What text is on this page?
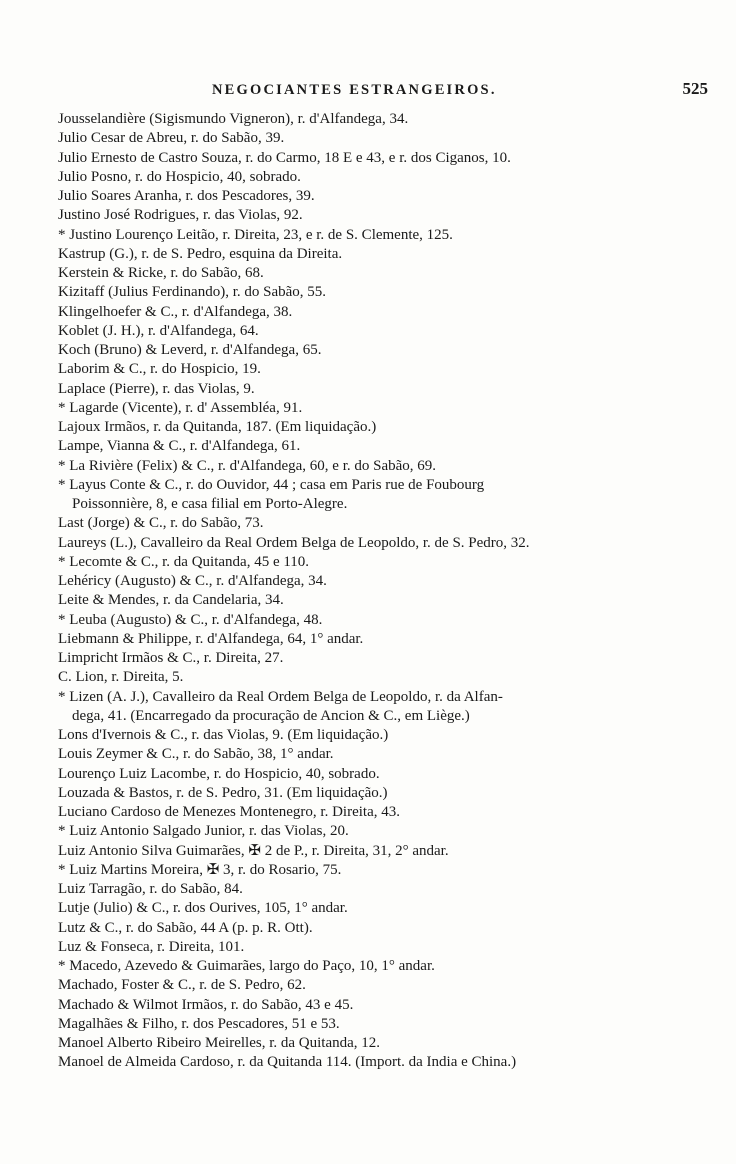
NEGOCIANTES ESTRANGEIROS.	525
Jousselandière (Sigismundo Vigneron), r. d'Alfandega, 34.
Julio Cesar de Abreu, r. do Sabão, 39.
Julio Ernesto de Castro Souza, r. do Carmo, 18 E e 43, e r. dos Ciganos, 10.
Julio Posno, r. do Hospicio, 40, sobrado.
Julio Soares Aranha, r. dos Pescadores, 39.
Justino José Rodrigues, r. das Violas, 92.
* Justino Lourenço Leitão, r. Direita, 23, e r. de S. Clemente, 125.
Kastrup (G.), r. de S. Pedro, esquina da Direita.
Kerstein & Ricke, r. do Sabão, 68.
Kizitaff (Julius Ferdinando), r. do Sabão, 55.
Klingelhoefer & C., r. d'Alfandega, 38.
Koblet (J. H.), r. d'Alfandega, 64.
Koch (Bruno) & Leverd, r. d'Alfandega, 65.
Laborim & C., r. do Hospicio, 19.
Laplace (Pierre), r. das Violas, 9.
* Lagarde (Vicente), r. d' Assembléa, 91.
Lajoux Irmãos, r. da Quitanda, 187. (Em liquidação.)
Lampe, Vianna & C., r. d'Alfandega, 61.
* La Rivière (Felix) & C., r. d'Alfandega, 60, e r. do Sabão, 69.
* Layus Conte & C., r. do Ouvidor, 44 ; casa em Paris rue de Foubourg
Poissonnière, 8, e casa filial em Porto-Alegre.
Last (Jorge) & C., r. do Sabão, 73.
Laureys (L.), Cavalleiro da Real Ordem Belga de Leopoldo, r. de S. Pedro, 32.
* Lecomte & C., r. da Quitanda, 45 e 110.
Lehéricy (Augusto) & C., r. d'Alfandega, 34.
Leite & Mendes, r. da Candelaria, 34.
* Leuba (Augusto) & C., r. d'Alfandega, 48.
Liebmann & Philippe, r. d'Alfandega, 64, 1° andar.
Limpricht Irmãos & C., r. Direita, 27.
C. Lion, r. Direita, 5.
* Lizen (A. J.), Cavalleiro da Real Ordem Belga de Leopoldo, r. da Alfan-
dega, 41. (Encarregado da procuração de Ancion & C., em Liège.)
Lons d'Ivernois & C., r. das Violas, 9. (Em liquidação.)
Louis Zeymer & C., r. do Sabão, 38, 1° andar.
Lourenço Luiz Lacombe, r. do Hospicio, 40, sobrado.
Louzada & Bastos, r. de S. Pedro, 31. (Em liquidação.)
Luciano Cardoso de Menezes Montenegro, r. Direita, 43.
* Luiz Antonio Salgado Junior, r. das Violas, 20.
Luiz Antonio Silva Guimarães, ✠ 2 de P., r. Direita, 31, 2° andar.
* Luiz Martins Moreira, ✠ 3, r. do Rosario, 75.
Luiz Tarragão, r. do Sabão, 84.
Lutje (Julio) & C., r. dos Ourives, 105, 1° andar.
Lutz & C., r. do Sabão, 44 A (p. p. R. Ott).
Luz & Fonseca, r. Direita, 101.
* Macedo, Azevedo & Guimarães, largo do Paço, 10, 1° andar.
Machado, Foster & C., r. de S. Pedro, 62.
Machado & Wilmot Irmãos, r. do Sabão, 43 e 45.
Magalhães & Filho, r. dos Pescadores, 51 e 53.
Manoel Alberto Ribeiro Meirelles, r. da Quitanda, 12.
Manoel de Almeida Cardoso, r. da Quitanda 114. (Import. da India e China.)
